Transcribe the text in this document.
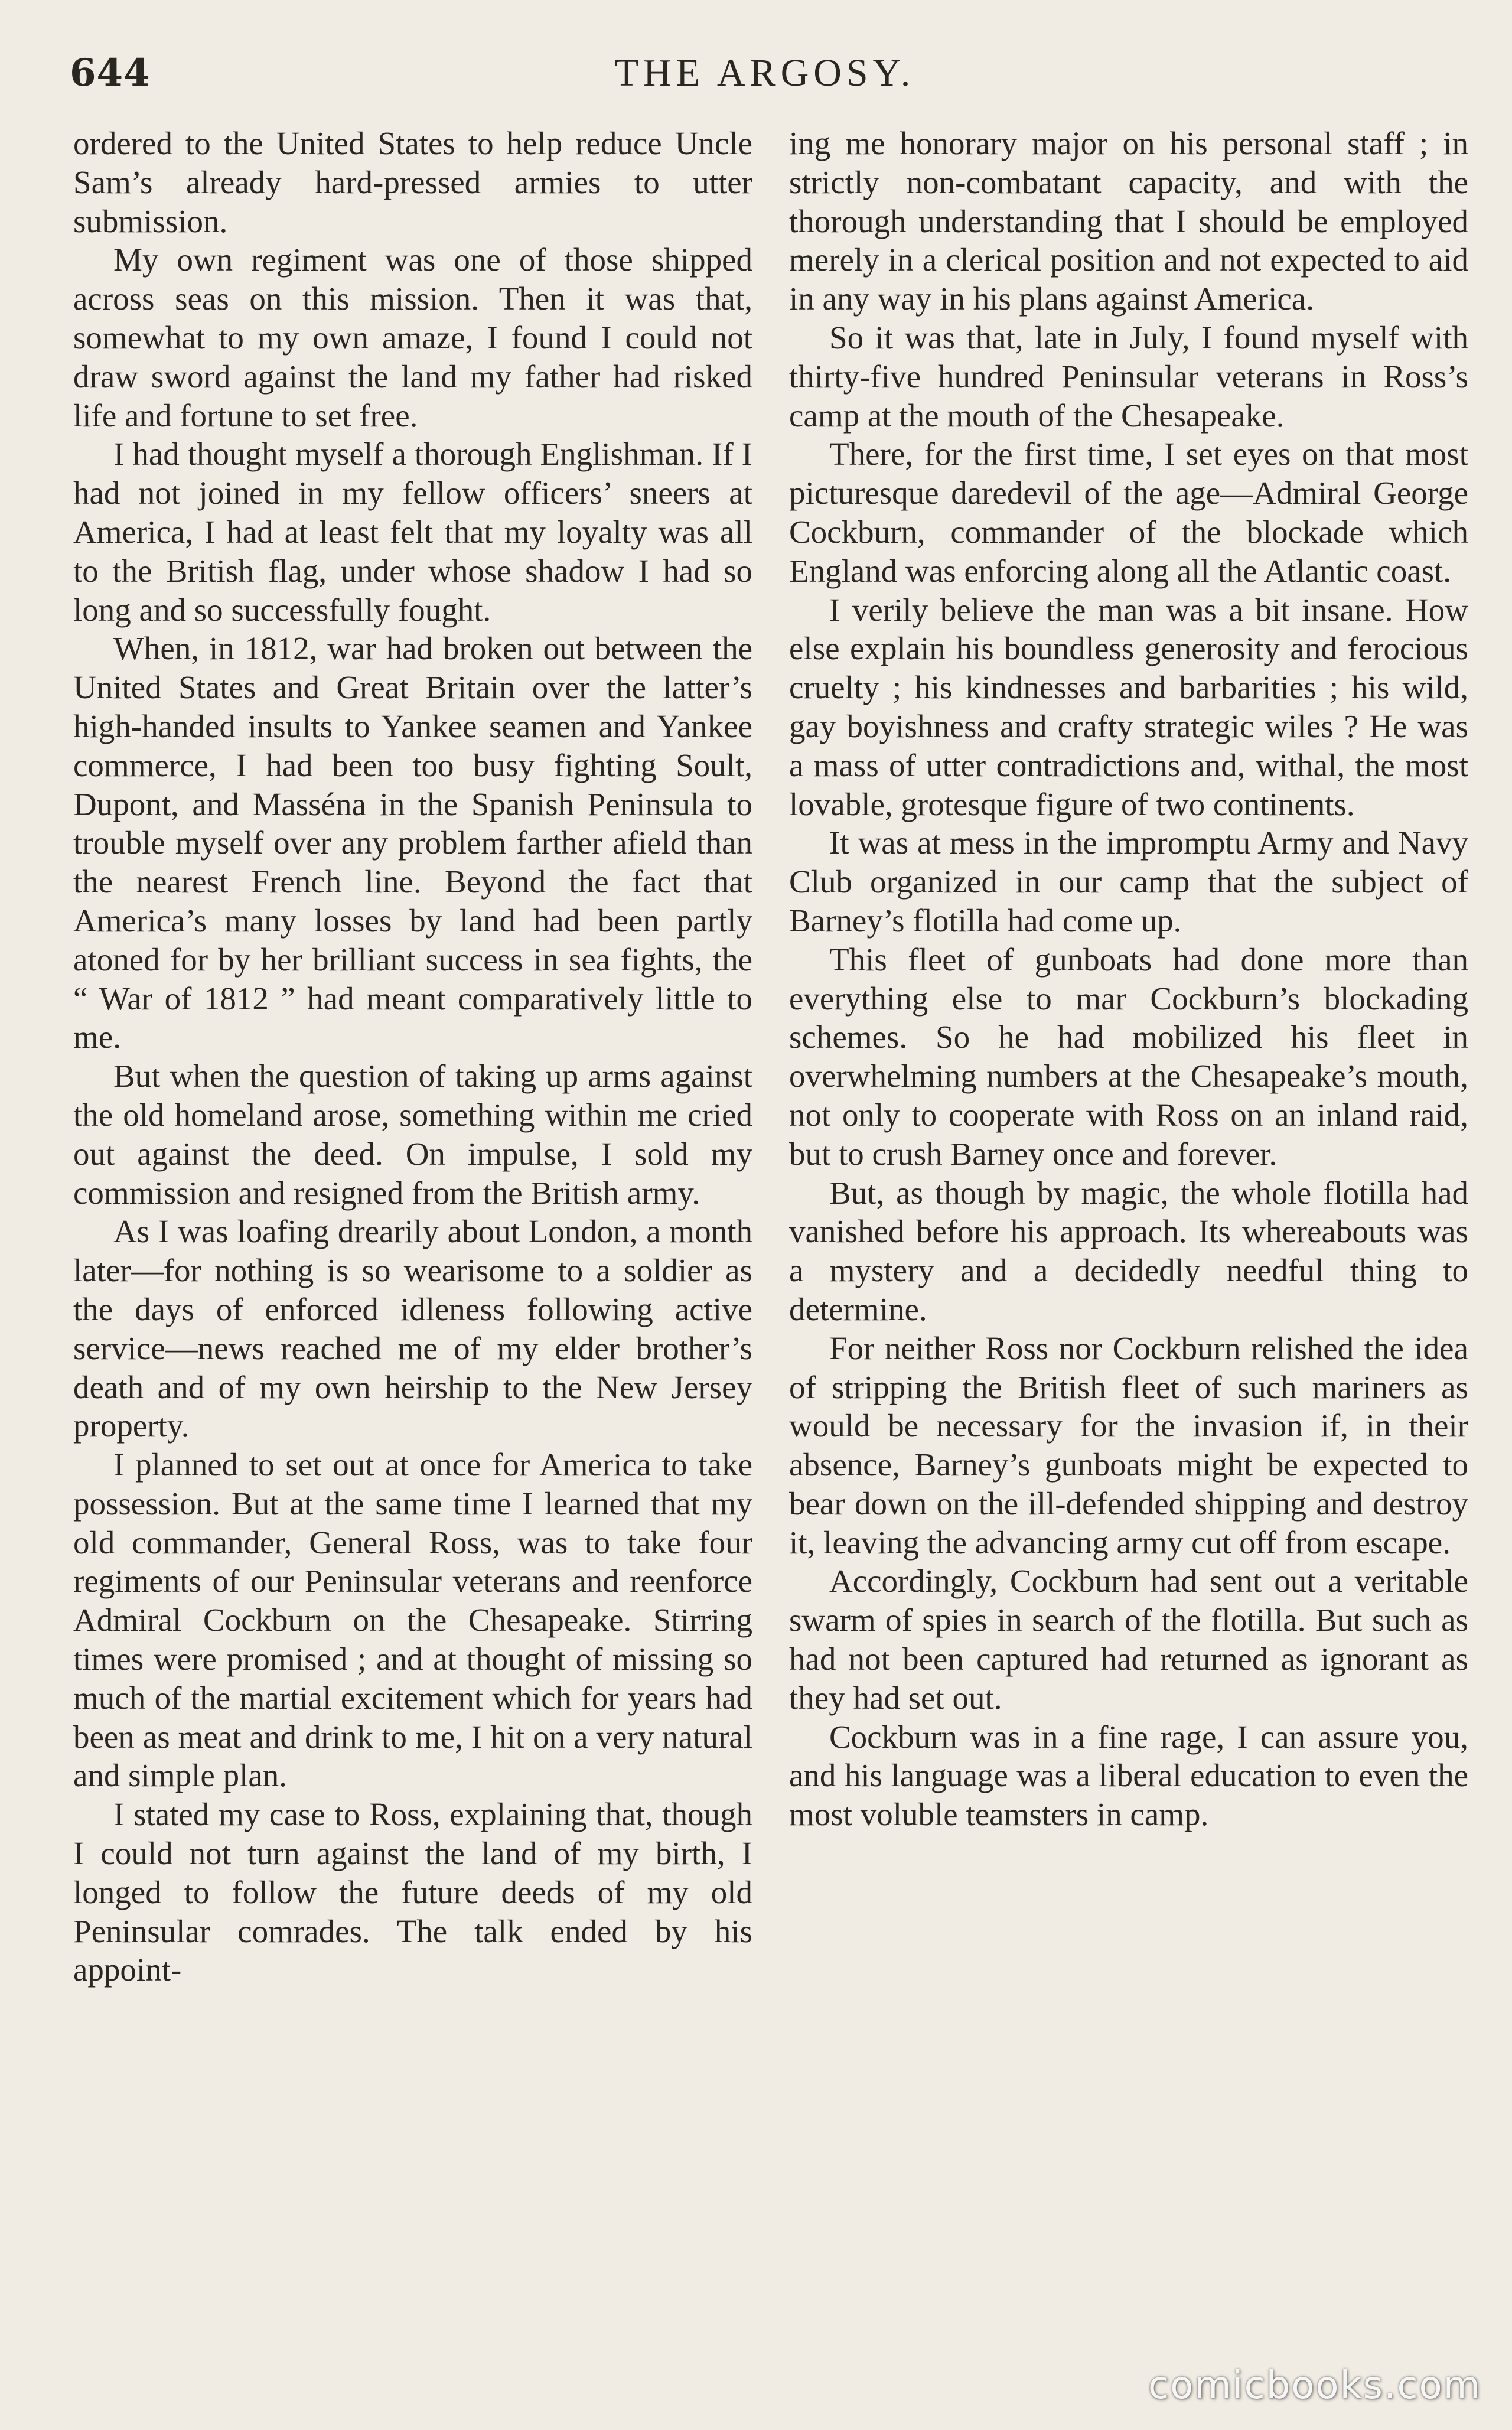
644	THE ARGOSY.

ordered to the United States to help reduce Uncle Sam’s already hard-pressed armies to utter submission.

My own regiment was one of those shipped across seas on this mission. Then it was that, somewhat to my own amaze, I found I could not draw sword against the land my father had risked life and fortune to set free.

I had thought myself a thorough Englishman. If I had not joined in my fellow officers’ sneers at America, I had at least felt that my loyalty was all to the British flag, under whose shadow I had so long and so successfully fought.

When, in 1812, war had broken out between the United States and Great Britain over the latter’s high-handed insults to Yankee seamen and Yankee commerce, I had been too busy fighting Soult, Dupont, and Masséna in the Spanish Peninsula to trouble myself over any problem farther afield than the nearest French line. Beyond the fact that America’s many losses by land had been partly atoned for by her brilliant success in sea fights, the “ War of 1812 ” had meant comparatively little to me.

But when the question of taking up arms against the old homeland arose, something within me cried out against the deed. On impulse, I sold my commission and resigned from the British army.

As I was loafing drearily about London, a month later—for nothing is so wearisome to a soldier as the days of enforced idleness following active service—news reached me of my elder brother’s death and of my own heirship to the New Jersey property.

I planned to set out at once for America to take possession. But at the same time I learned that my old commander, General Ross, was to take four regiments of our Peninsular veterans and reenforce Admiral Cockburn on the Chesapeake. Stirring times were promised ; and at thought of missing so much of the martial excitement which for years had been as meat and drink to me, I hit on a very natural and simple plan.

I stated my case to Ross, explaining that, though I could not turn against the land of my birth, I longed to follow the future deeds of my old Peninsular comrades. The talk ended by his appoint-

ing me honorary major on his personal staff ; in strictly non-combatant capacity, and with the thorough understanding that I should be employed merely in a clerical position and not expected to aid in any way in his plans against America.

So it was that, late in July, I found myself with thirty-five hundred Peninsular veterans in Ross’s camp at the mouth of the Chesapeake.

There, for the first time, I set eyes on that most picturesque daredevil of the age—Admiral George Cockburn, commander of the blockade which England was enforcing along all the Atlantic coast.

I verily believe the man was a bit insane. How else explain his boundless generosity and ferocious cruelty ; his kindnesses and barbarities ; his wild, gay boyishness and crafty strategic wiles ? He was a mass of utter contradictions and, withal, the most lovable, grotesque figure of two continents.

It was at mess in the impromptu Army and Navy Club organized in our camp that the subject of Barney’s flotilla had come up.

This fleet of gunboats had done more than everything else to mar Cockburn’s blockading schemes. So he had mobilized his fleet in overwhelming numbers at the Chesapeake’s mouth, not only to cooperate with Ross on an inland raid, but to crush Barney once and forever.

But, as though by magic, the whole flotilla had vanished before his approach. Its whereabouts was a mystery and a decidedly needful thing to determine.

For neither Ross nor Cockburn relished the idea of stripping the British fleet of such mariners as would be necessary for the invasion if, in their absence, Barney’s gunboats might be expected to bear down on the ill-defended shipping and destroy it, leaving the advancing army cut off from escape.

Accordingly, Cockburn had sent out a veritable swarm of spies in search of the flotilla. But such as had not been captured had returned as ignorant as they had set out.

Cockburn was in a fine rage, I can assure you, and his language was a liberal education to even the most voluble teamsters in camp.

comicbooks.com
